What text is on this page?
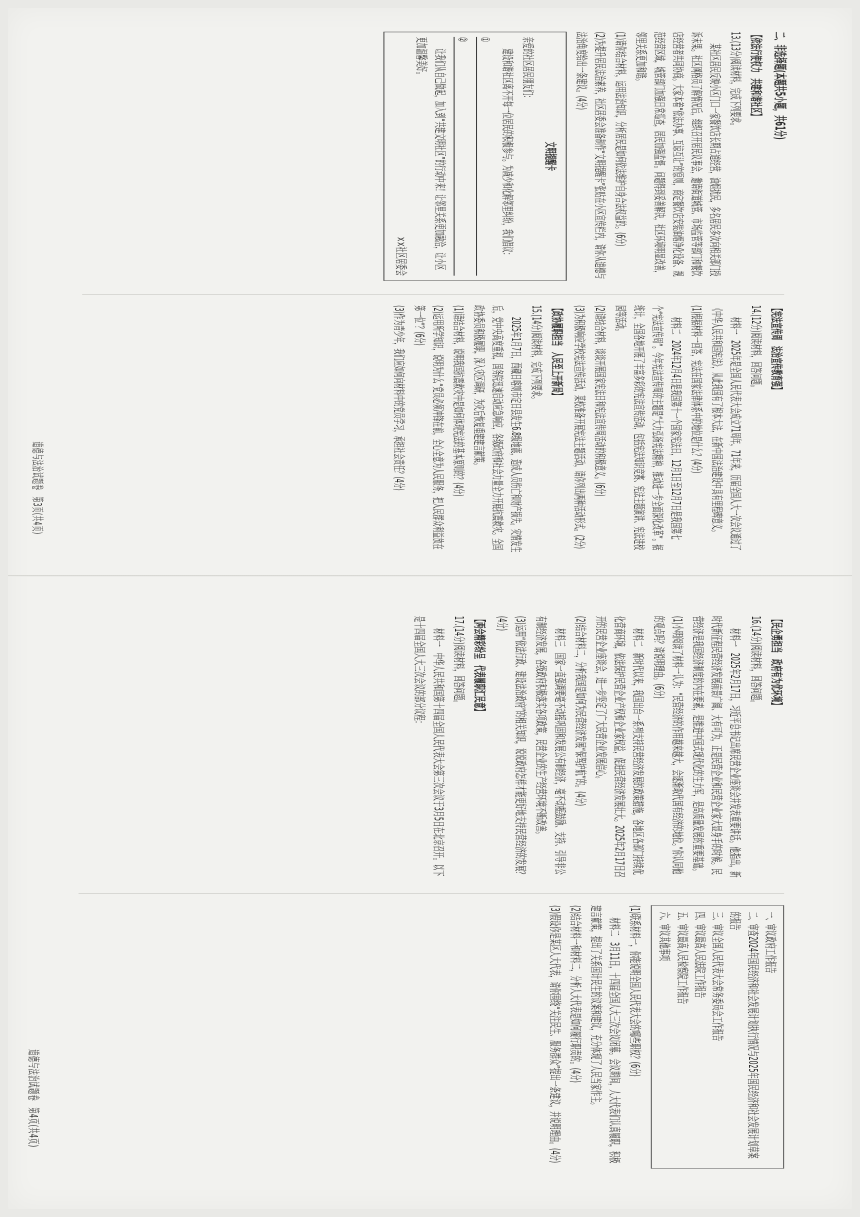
二、非选择题(本题共5小题，共61分)
【依法行使权力　共建和谐社区】

13.(13分)阅读材料，完成下列要求。

某社区居民反映小区门口一家餐饮店长期占道经营，油烟扰民，多名居民多次向相关部门投诉未果。社区网格员了解情况后，组织召开居民议事会，邀请街道城管、市场监管等部门和餐饮店经营者共同协商。大家本着“依法办事、互谅互让”的原则，商定餐饮店安装油烟净化设备、规范经营区域，城管部门加强日常巡查，居民加强监督。问题得到妥善解决，社区环境明显改善，邻里关系更加和谐。

(1)请你结合材料，运用法治知识，分析居民是如何依法维护自身合法权益的。(6分)

(2)为提升居民法治素养，社区居委会准备制作“文明提醒卡”张贴在小区宣传栏内，请你从道德与法治角度给出一条建议。(4分)

文明提醒卡

亲爱的社区居民朋友们：

建设和谐社区离不开每一位居民的积极参与。为减少和化解邻里纠纷，我们倡议：

①
②

让我们从自己做起，加入到“共建文明社区”的行动中来！让邻里关系更加融洽，让小区更加温馨美好。

××社区居委会
【宪法宣传周　法治宣传教育强】

14.(12分)阅读材料，回答问题。

材料一　2025年是全国人民代表大会成立71周年，71年来，历届全国人大一次会议通过了《中华人民共和国宪法》，从此我国有了根本大法，在新中国法治建设中具有里程碑意义。

(1)根据材料一回答，宪法在国家法律体系中的地位是什么？(4分)

材料二　2024年12月4日是我国第十一个国家宪法日，12月1日至12月7日是我国第七个“宪法宣传周”。今年宪法宣传周的主题是“大力弘扬宪法精神，推动进一步全面深化改革”。据统计，全国各地开展了丰富多彩的宪法宣传活动，包括宪法知识竞赛、宪法主题演讲、宪法进校园等活动。

(2)请结合材料，谈谈开展国家宪法日和宪法宣传周活动的积极意义。(6分)

(3)为积极响应学校宪法宣传活动，某校准备开展宪法主题活动，请你列出两种活动形式。(2分)

【政协履职担当　人民至上开新局】

15.(14分)阅读材料，完成下列要求。

2025年1月7日，西藏日喀则市定日县发生6.8级地震，造成人员伤亡和财产损失。灾情发生后，党中央高度重视，国务院迅速启动应急响应，各级政府和社会力量全力开展抗震救灾。全国政协委员积极履职，深入灾区调研，为灾后恢复重建建言献策。

(1)请结合材料，说明我国抗震救灾中是如何体现宪法的基本原则的？(4分)

(2)运用所学知识，说明为什么“党员必须冲锋在前，全心全意为人民服务，把人民群众利益放在第一位”？(6分)

(3)作为青少年，我们应如何向材料中的党员学习，承担社会责任？(4分)

道德与法治试题卷　第3页(共4页)
【民企勇担当　政府有为优环境】

16.(14分)阅读材料，回答问题。

材料一　2025年2月17日，习近平总书记出席民营企业座谈会并发表重要讲话。他指出，新时代新征程民营经济发展前景广阔、大有可为，正是民营企业和民营企业家大显身手的时候。民营经济是我国经济制度的内在要素，是推进中国式现代化的生力军，是高质量发展的重要基础。

(1)小明阅读了材料一认为：“民营经济的作用越来越大，会逐渐取代国有经济的地位。”你认同他的观点吗？请说明理由。(6分)

材料二　新时代以来，我国出台一系列支持民营经济发展的政策措施，各地区各部门持续优化营商环境，依法保护民营企业产权和企业家权益，促进民营经济发展壮大。2025年2月17日召开的民营企业座谈会，进一步坚定了广大民营企业发展信心。

(2)结合材料二，分析我国是如何为民营经济发展“保驾护航”的。(4分)

材料三　国家一直强调要毫不动摇巩固和发展公有制经济，毫不动摇鼓励、支持、引导非公有制经济发展，各级政府积极落实各项政策，民营企业的生产经营环境不断改善。

(3)运用“依法行政、建设法治政府”的相关知识，说说政府怎样才能更好地支持民营经济的发展？(4分)

【两会精彩纷呈　代表履职汇民意】

17.(14分)阅读材料，回答问题。

材料一　中华人民共和国第十四届全国人民代表大会第三次会议于3月5日在北京召开。以下是十四届全国人大三次会议的部分议程：

一、审议政府工作报告
二、审查2024年国民经济和社会发展计划执行情况与2025年国民经济和社会发展计划草案的报告
三、审议全国人民代表大会常务委员会工作报告
四、审议最高人民法院工作报告
五、审议最高人民检察院工作报告
六、审议其他事项

(1)联系材料一，你能说明全国人民代表大会的哪些职权？(6分)

材料二　3月11日，十四届全国人大三次会议闭幕。会议期间，人大代表们认真履职，积极建言献策，提出了关系国计民生的议案和建议，充分体现了人民当家作主。

(2)结合材料一和材料二，分析人大代表是如何履行职责的。(4分)

(3)假设你是某区人大代表，请你围绕“关注民生、服务群众”提出一条建议，并说明理由。(4分)

道德与法治试题卷　第4页(共4页)
